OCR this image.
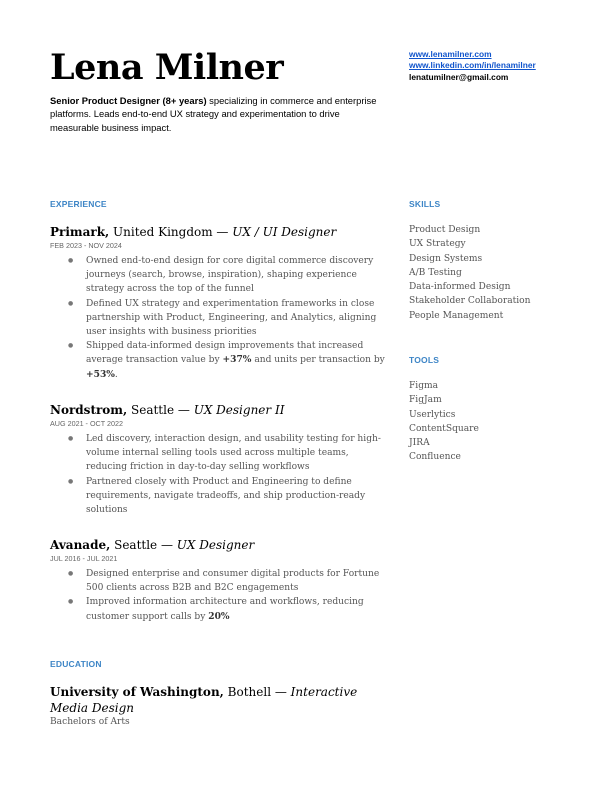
Lena Milner

Senior Product Designer (8+ years) specializing in commerce and enterprise platforms. Leads end-to-end UX strategy and experimentation to drive measurable business impact.

www.lenamilner.com
www.linkedin.com/in/lenamilner
lenatumilner@gmail.com
EXPERIENCE

Primark, United Kingdom — UX / UI Designer

FEB 2023 - NOV 2024

● Owned end-to-end design for core digital commerce discovery journeys (search, browse, inspiration), shaping experience strategy across the top of the funnel
● Defined UX strategy and experimentation frameworks in close partnership with Product, Engineering, and Analytics, aligning user insights with business priorities
● Shipped data-informed design improvements that increased average transaction value by +37% and units per transaction by +53%.

Nordstrom, Seattle — UX Designer II

AUG 2021 - OCT 2022

● Led discovery, interaction design, and usability testing for high-volume internal selling tools used across multiple teams, reducing friction in day-to-day selling workflows
● Partnered closely with Product and Engineering to define requirements, navigate tradeoffs, and ship production-ready solutions

Avanade, Seattle — UX Designer

JUL 2016 - JUL 2021

● Designed enterprise and consumer digital products for Fortune 500 clients across B2B and B2C engagements
● Improved information architecture and workflows, reducing customer support calls by 20%
EDUCATION

University of Washington, Bothell — Interactive Media Design

Bachelors of Arts

SKILLS
Product Design
UX Strategy
Design Systems
A/B Testing
Data-informed Design
Stakeholder Collaboration
People Management
TOOLS
Figma
FigJam
Userlytics
ContentSquare
JIRA
Confluence
